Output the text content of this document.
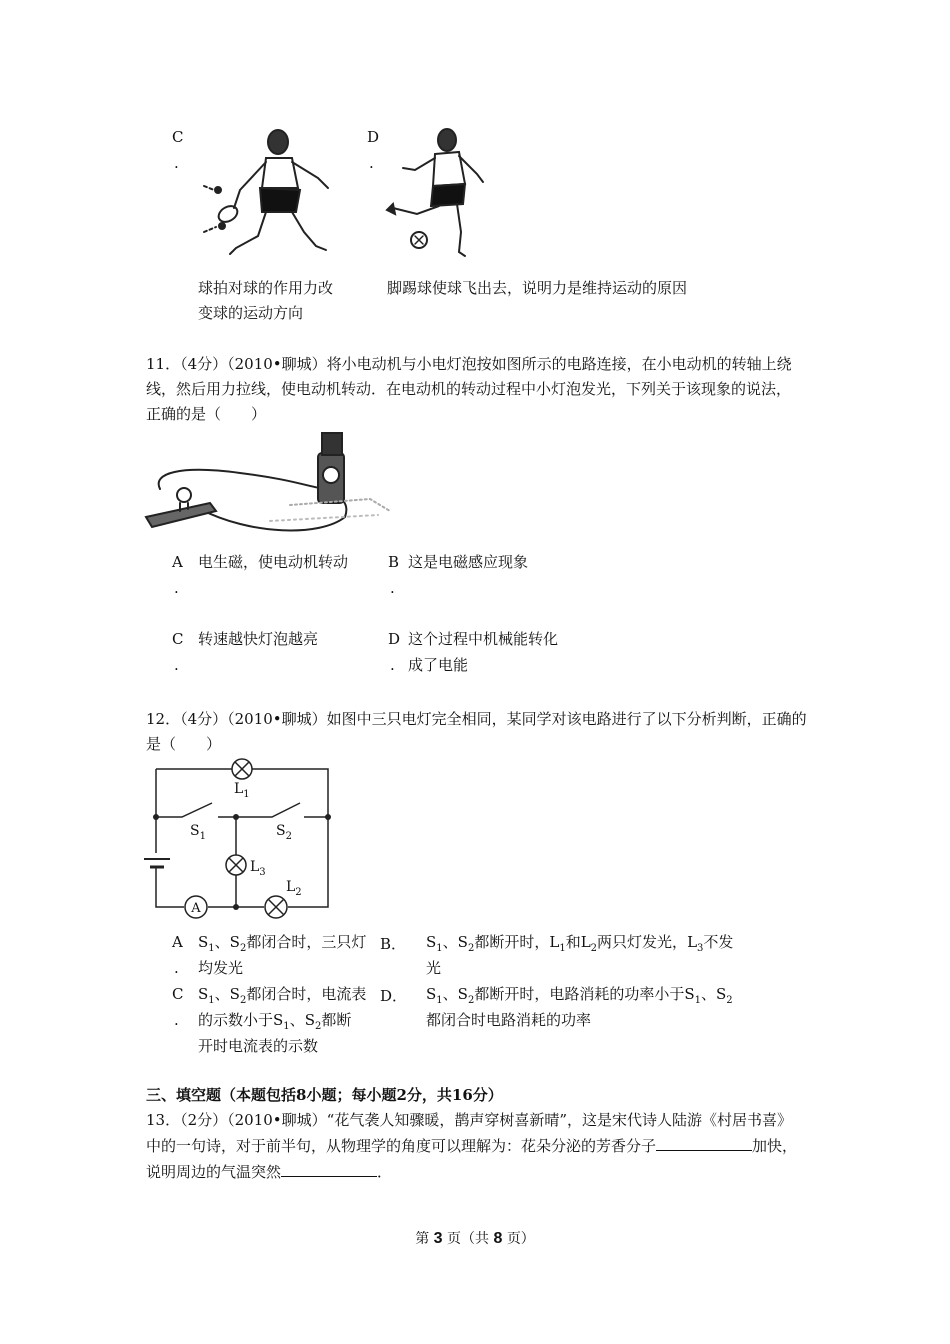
C
.
球拍对球的作用力改
变球的运动方向
D
.
脚踢球使球飞出去，说明力是维持运动的原因
11．（4分）（2010•聊城）将小电动机与小电灯泡按如图所示的电路连接，在小电动机的转轴上绕
线，然后用力拉线，使电动机转动．在电动机的转动过程中小灯泡发光，下列关于该现象的说法，
正确的是（　　）
A
.
电生磁，使电动机转动	B
.
这是电磁感应现象
C
.
转速越快灯泡越亮	D
.
这个过程中机械能转化
成了电能
12．（4分）（2010•聊城）如图中三只电灯完全相同，某同学对该电路进行了以下分析判断，正确的
是（　　）
A
$L_1$
$S_1$	$S_2$
$L_3$
$L_2$
A
.
$S_1$、$S_2$都闭合时，三只灯
均发光
B． $S_1$、$S_2$都断开时，$L_1$和$L_2$两只灯发光，$L_3$不发
光
C
.
$S_1$、$S_2$都闭合时，电流表
的示数小于$S_1$、$S_2$都断
开时电流表的示数
D． $S_1$、$S_2$都断开时，电路消耗的功率小于$S_1$、$S_2$
都闭合时电路消耗的功率
三、填空题（本题包括8小题；每小题2分，共16分）
13．（2分）（2010•聊城）“花气袭人知骤暖，鹊声穿树喜新晴”，这是宋代诗人陆游《村居书喜》
中的一句诗，对于前半句，从物理学的角度可以理解为：花朵分泌的芳香分子	加快，
说明周边的气温突然	．
第 3 页（共 8 页）
